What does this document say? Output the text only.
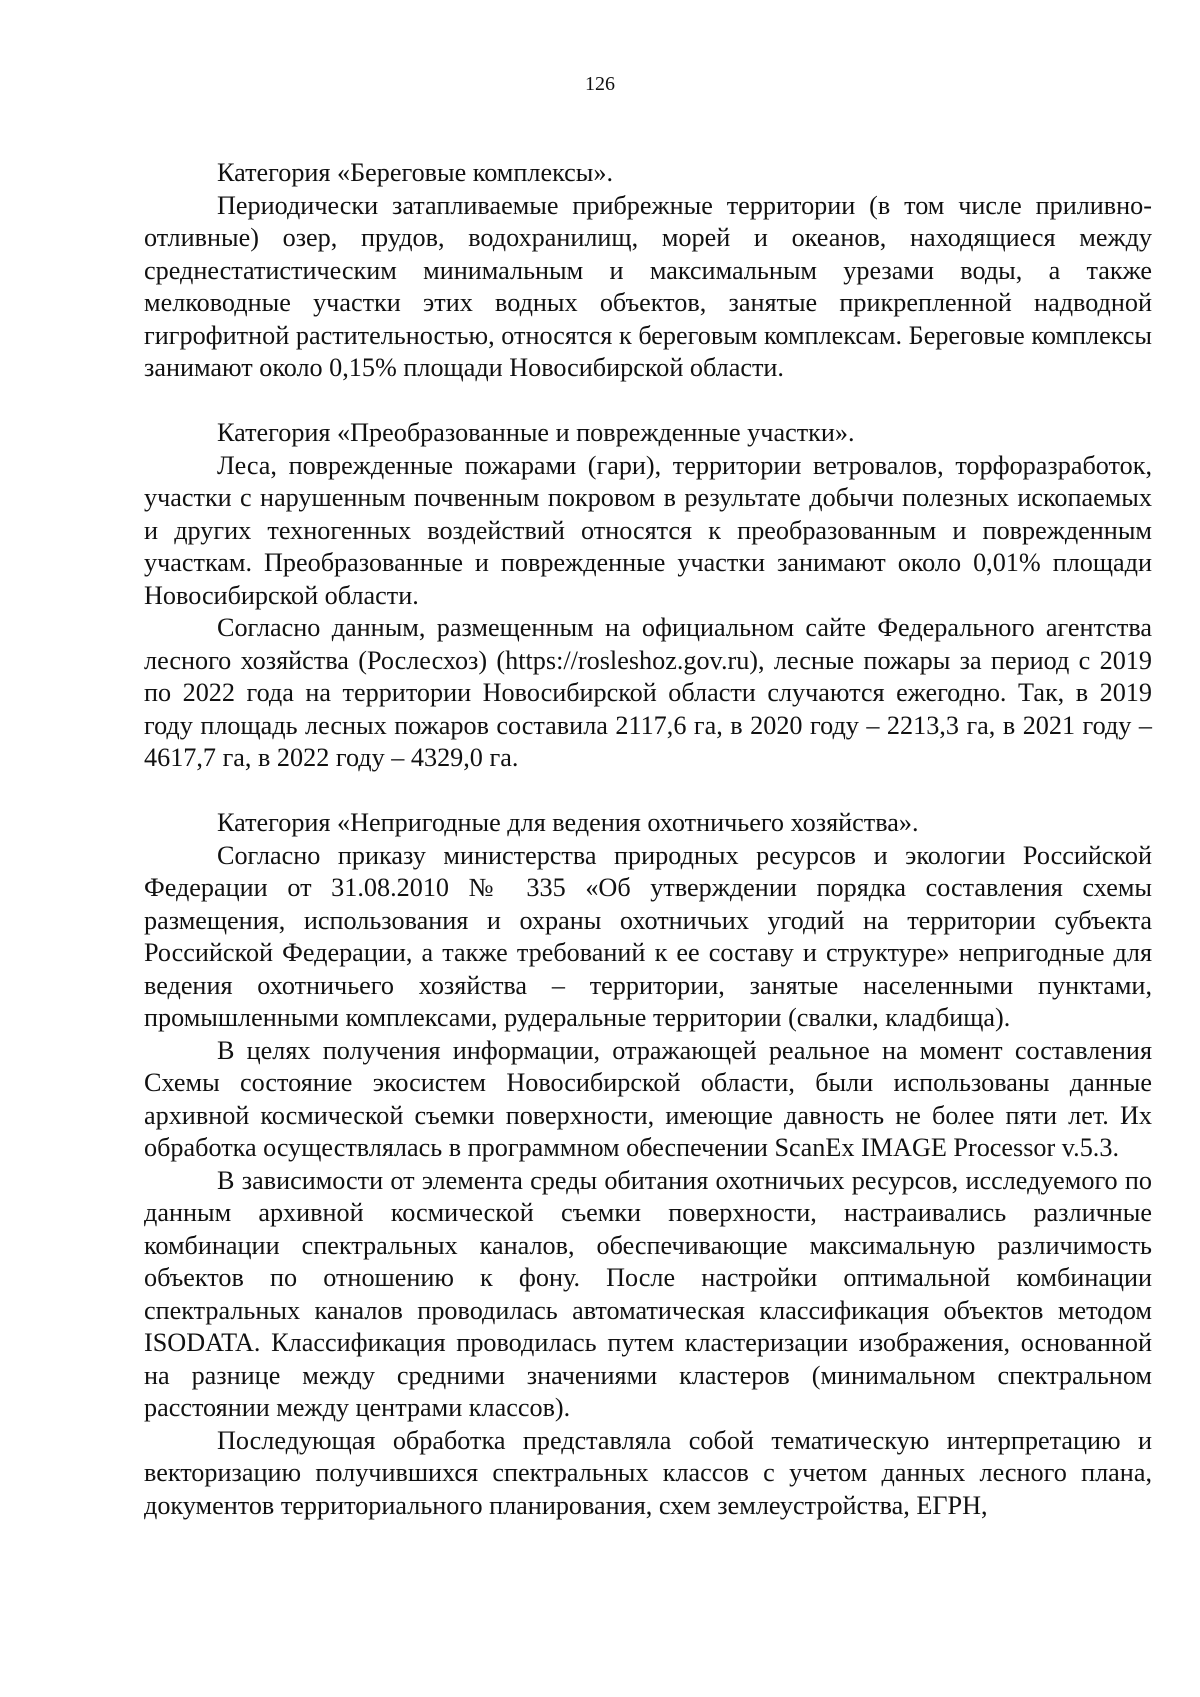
126

Категория «Береговые комплексы».

Периодически затапливаемые прибрежные территории (в том числе приливно-отливные) озер, прудов, водохранилищ, морей и океанов, находящиеся между среднестатистическим минимальным и максимальным урезами воды, а также мелководные участки этих водных объектов, занятые прикрепленной надводной гигрофитной растительностью, относятся к береговым комплексам. Береговые комплексы занимают около 0,15% площади Новосибирской области.

Категория «Преобразованные и поврежденные участки».

Леса, поврежденные пожарами (гари), территории ветровалов, торфоразработок, участки с нарушенным почвенным покровом в результате добычи полезных ископаемых и других техногенных воздействий относятся к преобразованным и поврежденным участкам. Преобразованные и поврежденные участки занимают около 0,01% площади Новосибирской области.

Согласно данным, размещенным на официальном сайте Федерального агентства лесного хозяйства (Рослесхоз) (https://rosleshoz.gov.ru), лесные пожары за период с 2019 по 2022 года на территории Новосибирской области случаются ежегодно. Так, в 2019 году площадь лесных пожаров составила 2117,6 га, в 2020 году – 2213,3 га, в 2021 году – 4617,7 га, в 2022 году – 4329,0 га.

Категория «Непригодные для ведения охотничьего хозяйства».

Согласно приказу министерства природных ресурсов и экологии Российской Федерации от 31.08.2010 № 335 «Об утверждении порядка составления схемы размещения, использования и охраны охотничьих угодий на территории субъекта Российской Федерации, а также требований к ее составу и структуре» непригодные для ведения охотничьего хозяйства – территории, занятые населенными пунктами, промышленными комплексами, рудеральные территории (свалки, кладбища).

В целях получения информации, отражающей реальное на момент составления Схемы состояние экосистем Новосибирской области, были использованы данные архивной космической съемки поверхности, имеющие давность не более пяти лет. Их обработка осуществлялась в программном обеспечении ScanEx IMAGE Processor v.5.3.

В зависимости от элемента среды обитания охотничьих ресурсов, исследуемого по данным архивной космической съемки поверхности, настраивались различные комбинации спектральных каналов, обеспечивающие максимальную различимость объектов по отношению к фону. После настройки оптимальной комбинации спектральных каналов проводилась автоматическая классификация объектов методом ISODATA. Классификация проводилась путем кластеризации изображения, основанной на разнице между средними значениями кластеров (минимальном спектральном расстоянии между центрами классов).

Последующая обработка представляла собой тематическую интерпретацию и векторизацию получившихся спектральных классов с учетом данных лесного плана, документов территориального планирования, схем землеустройства, ЕГРН,
